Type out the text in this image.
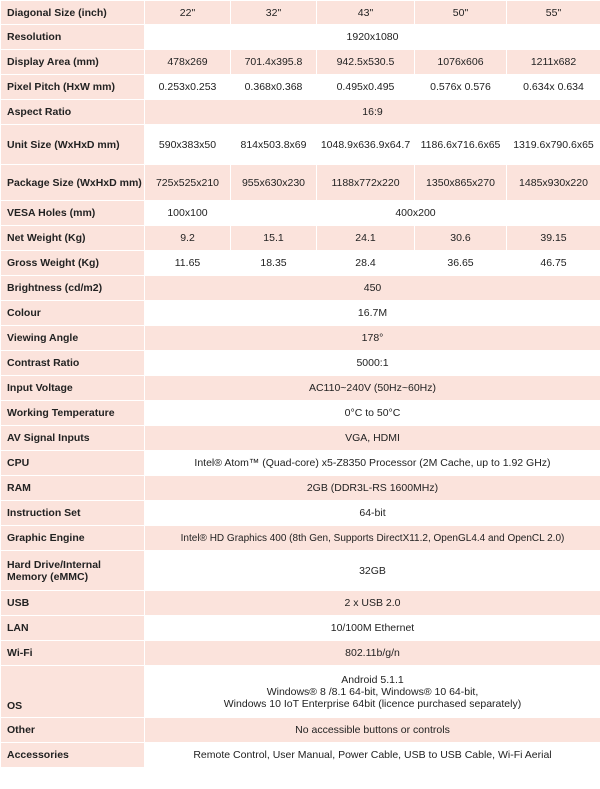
Diagonal Size (inch)	22"	32"	43"	50"	55"
Resolution	1920x1080				
Display Area (mm)	478x269	701.4x395.8	942.5x530.5	1076x606	1211x682
Pixel Pitch (HxW mm)	0.253x0.253	0.368x0.368	0.495x0.495	0.576x 0.576	0.634x 0.634
Aspect Ratio	16:9				
Unit Size (WxHxD mm)	590x383x50	814x503.8x69	1048.9x636.9x64.7	1186.6x716.6x65	1319.6x790.6x65
Package Size (WxHxD mm)	725x525x210	955x630x230	1188x772x220	1350x865x270	1485x930x220
VESA Holes (mm)	100x100	400x200			
Net Weight (Kg)	9.2	15.1	24.1	30.6	39.15
Gross Weight (Kg)	11.65	18.35	28.4	36.65	46.75
Brightness (cd/m2)	450				
Colour	16.7M				
Viewing Angle	178°				
Contrast Ratio	5000:1				
Input Voltage	AC110~240V (50Hz~60Hz)				
Working Temperature	0°C to 50°C				
AV Signal Inputs	VGA, HDMI				
CPU	Intel® Atom™ (Quad-core) x5-Z8350 Processor (2M Cache, up to 1.92 GHz)				
RAM	2GB (DDR3L-RS 1600MHz)				
Instruction Set	64-bit				
Graphic Engine	Intel® HD Graphics 400 (8th Gen, Supports DirectX11.2, OpenGL4.4 and OpenCL 2.0)				
Hard Drive/Internal Memory (eMMC)	32GB				
USB	2 x USB 2.0				
LAN	10/100M Ethernet				
Wi-Fi	802.11b/g/n				
OS	Android 5.1.1
Windows® 8 /8.1 64-bit, Windows® 10 64-bit,
Windows 10 IoT Enterprise 64bit (licence purchased separately)				

Other	No accessible buttons or controls				
Accessories	Remote Control, User Manual, Power Cable, USB to USB Cable, Wi-Fi Aerial				
